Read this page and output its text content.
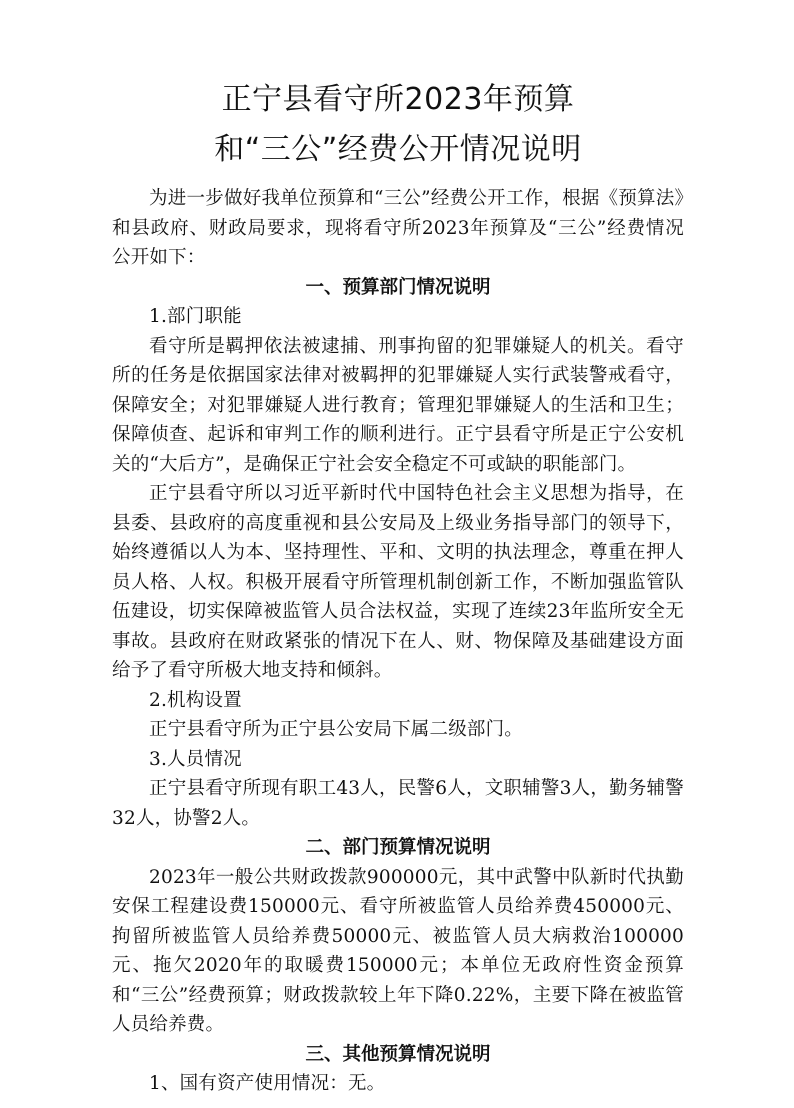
正宁县看守所2023年预算
和“三公”经费公开情况说明

为进一步做好我单位预算和“三公”经费公开工作，根据《预算法》和县政府、财政局要求，现将看守所2023年预算及“三公”经费情况公开如下：

一、预算部门情况说明

1.部门职能

看守所是羁押依法被逮捕、刑事拘留的犯罪嫌疑人的机关。看守所的任务是依据国家法律对被羁押的犯罪嫌疑人实行武装警戒看守，保障安全；对犯罪嫌疑人进行教育；管理犯罪嫌疑人的生活和卫生；保障侦查、起诉和审判工作的顺利进行。正宁县看守所是正宁公安机关的“大后方”，是确保正宁社会安全稳定不可或缺的职能部门。

正宁县看守所以习近平新时代中国特色社会主义思想为指导，在县委、县政府的高度重视和县公安局及上级业务指导部门的领导下，始终遵循以人为本、坚持理性、平和、文明的执法理念，尊重在押人员人格、人权。积极开展看守所管理机制创新工作，不断加强监管队伍建设，切实保障被监管人员合法权益，实现了连续23年监所安全无事故。县政府在财政紧张的情况下在人、财、物保障及基础建设方面给予了看守所极大地支持和倾斜。

2.机构设置

正宁县看守所为正宁县公安局下属二级部门。

3.人员情况

正宁县看守所现有职工43人，民警6人，文职辅警3人，勤务辅警32人，协警2人。

二、部门预算情况说明

2023年一般公共财政拨款900000元，其中武警中队新时代执勤安保工程建设费150000元、看守所被监管人员给养费450000元、拘留所被监管人员给养费50000元、被监管人员大病救治100000元、拖欠2020年的取暖费150000元；本单位无政府性资金预算和“三公”经费预算；财政拨款较上年下降0.22%，主要下降在被监管人员给养费。

三、其他预算情况说明

1、国有资产使用情况：无。
